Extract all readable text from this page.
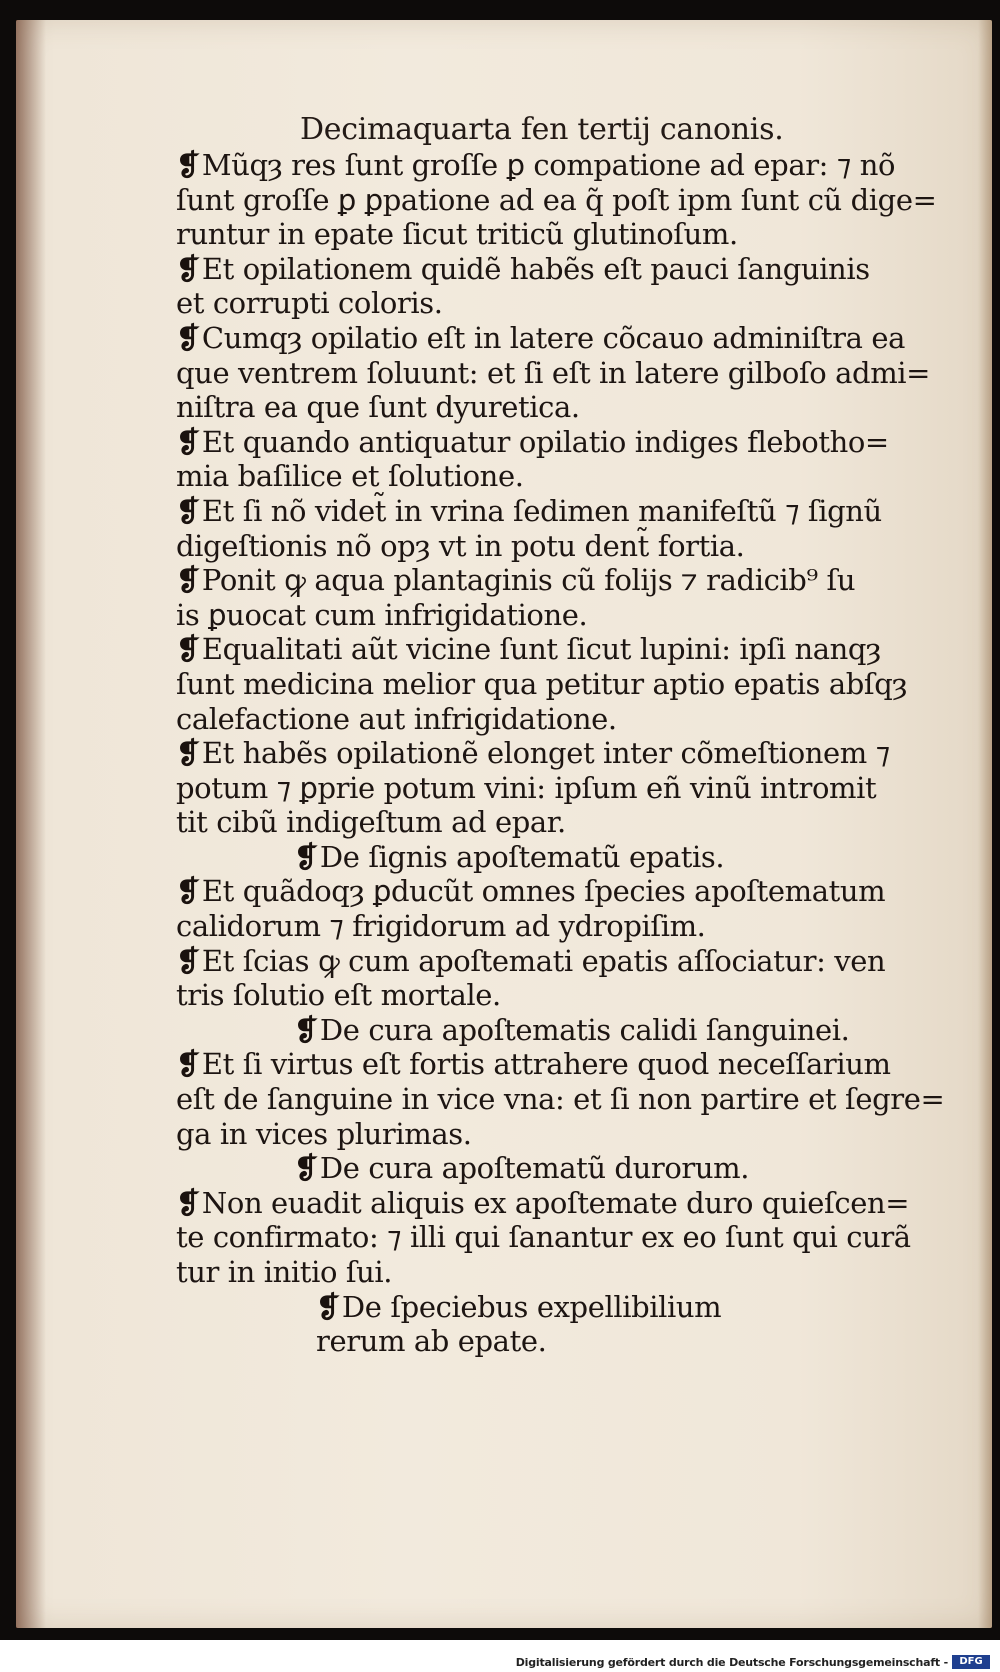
Decimaquarta fen tertij canonis.
❡Mũqȝ res ſunt groſſe ꝑ compatione ad epar: ⁊ nõ
ſunt groſſe ꝑ ꝑpatione ad ea q̃ poſt ipm ſunt cũ dige=
runtur in epate ſicut triticũ glutinoſum.
❡Et opilationem quidẽ habẽs eſt pauci ſanguinis
et corrupti coloris.
❡Cumqȝ opilatio eſt in latere cõcauo adminiſtra ea
que ventrem ſoluunt: et ſi eſt in latere gilboſo admi=
niſtra ea que ſunt dyuretica.
❡Et quando antiquatur opilatio indiges flebotho=
mia baſilice et ſolutione.
❡Et ſi nõ videt̃ in vrina ſedimen manifeſtũ ⁊ ſignũ
digeſtionis nõ opȝ vt in potu dent̃ fortia.
❡Ponit ꝙ aqua plantaginis cũ folijs ⁊ radicib⁹ ſu
is ꝑuocat cum infrigidatione.
❡Equalitati aũt vicine ſunt ſicut lupini: ipſi nanqȝ
ſunt medicina melior qua petitur aptio epatis abſqȝ
calefactione aut infrigidatione.
❡Et habẽs opilationẽ elonget inter cõmeſtionem ⁊
potum ⁊ ꝑprie potum vini: ipſum eñ vinũ intromit
tit cibũ indigeſtum ad epar.
❡De ſignis apoſtematũ epatis.
❡Et quãdoqȝ ꝑducũt omnes ſpecies apoſtematum
calidorum ⁊ frigidorum ad ydropiſim.
❡Et ſcias ꝙ cum apoſtemati epatis aſſociatur: ven
tris ſolutio eſt mortale.
❡De cura apoſtematis calidi ſanguinei.
❡Et ſi virtus eſt fortis attrahere quod neceſſarium
eſt de ſanguine in vice vna: et ſi non partire et ſegre=
ga in vices plurimas.
❡De cura apoſtematũ durorum.
❡Non euadit aliquis ex apoſtemate duro quieſcen=
te confirmato: ⁊ illi qui ſanantur ex eo ſunt qui curã
tur in initio ſui.
❡De ſpeciebus expellibilium
rerum ab epate.
Digitalisierung gefördert durch die Deutsche Forschungsgemeinschaft -	DFG
